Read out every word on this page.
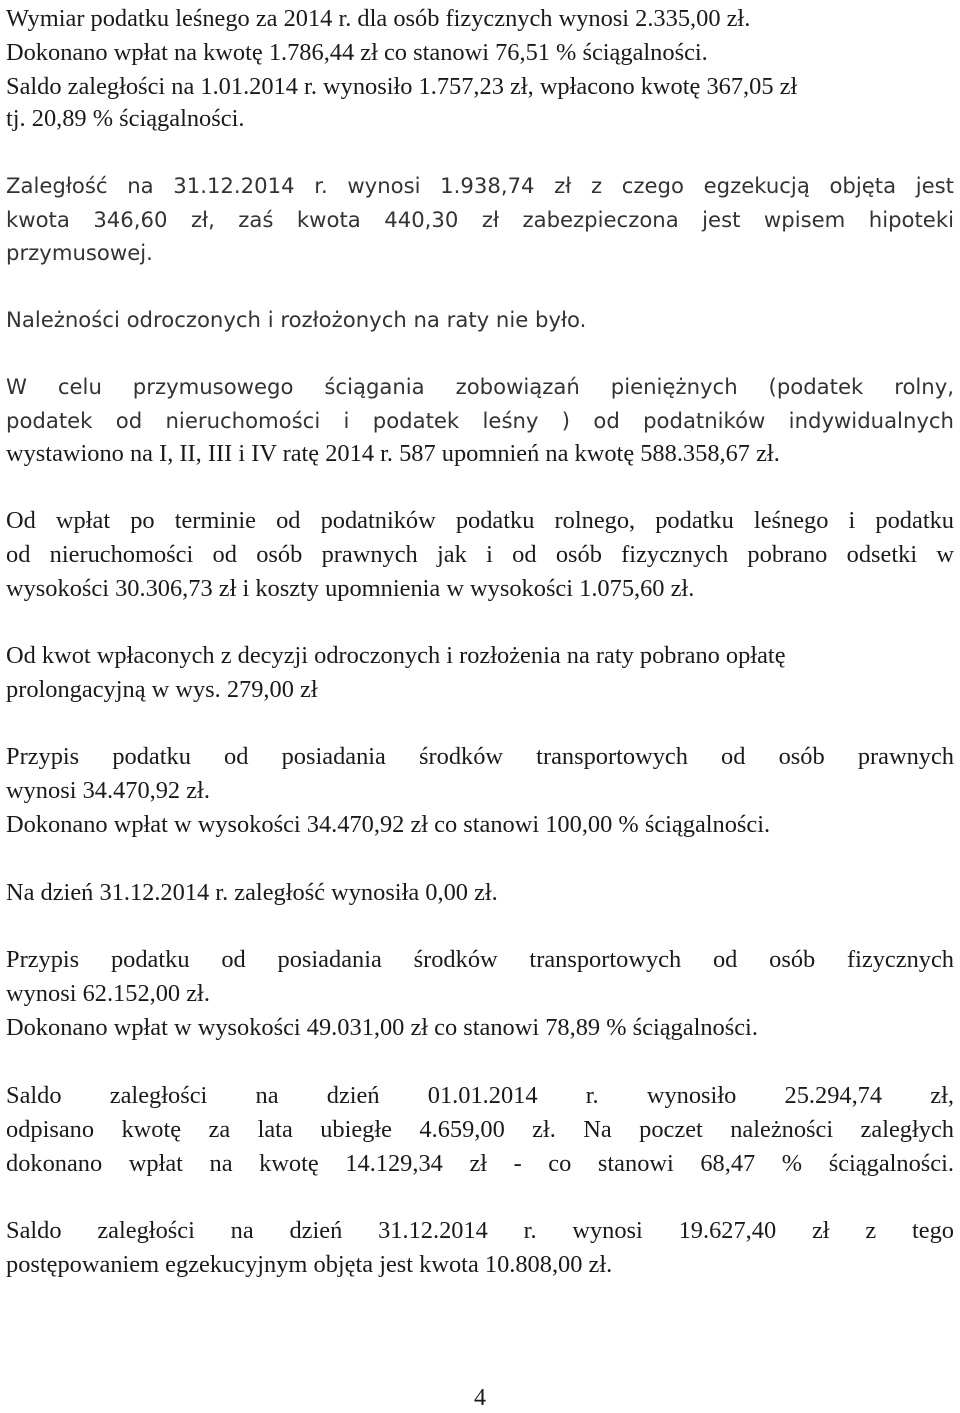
Wymiar podatku leśnego za 2014 r. dla osób fizycznych wynosi 2.335,00 zł.
Dokonano wpłat na kwotę 1.786,44 zł co stanowi 76,51 % ściągalności.
Saldo zaległości na 1.01.2014 r. wynosiło 1.757,23 zł, wpłacono kwotę 367,05 zł
tj. 20,89 % ściągalności.
Zaległość na 31.12.2014 r. wynosi 1.938,74 zł z czego egzekucją objęta jest
kwota 346,60 zł, zaś kwota 440,30 zł zabezpieczona jest wpisem hipoteki
przymusowej.
Należności odroczonych i rozłożonych na raty nie było.
W celu przymusowego ściągania zobowiązań pieniężnych (podatek rolny,
podatek od nieruchomości i podatek leśny ) od podatników indywidualnych
wystawiono na I, II, III i IV ratę 2014 r. 587 upomnień na kwotę 588.358,67 zł.
Od wpłat po terminie od podatników podatku rolnego, podatku leśnego i podatku
od nieruchomości od osób prawnych jak i od osób fizycznych pobrano odsetki w
wysokości 30.306,73 zł i koszty upomnienia w wysokości 1.075,60 zł.
Od kwot wpłaconych z decyzji odroczonych i rozłożenia na raty pobrano opłatę
prolongacyjną w wys. 279,00 zł
Przypis podatku od posiadania środków transportowych od osób prawnych
wynosi 34.470,92 zł.
Dokonano wpłat w wysokości 34.470,92 zł co stanowi 100,00 % ściągalności.
Na dzień 31.12.2014 r. zaległość wynosiła 0,00 zł.
Przypis podatku od posiadania środków transportowych od osób fizycznych
wynosi 62.152,00 zł.
Dokonano wpłat w wysokości 49.031,00 zł co stanowi 78,89 % ściągalności.
Saldo zaległości na dzień 01.01.2014 r. wynosiło 25.294,74 zł,
odpisano kwotę za lata ubiegłe 4.659,00 zł. Na poczet należności zaległych
dokonano wpłat na kwotę 14.129,34 zł - co stanowi 68,47 % ściągalności.
Saldo zaległości na dzień 31.12.2014 r. wynosi 19.627,40 zł z tego
postępowaniem egzekucyjnym objęta jest kwota 10.808,00 zł.
4
